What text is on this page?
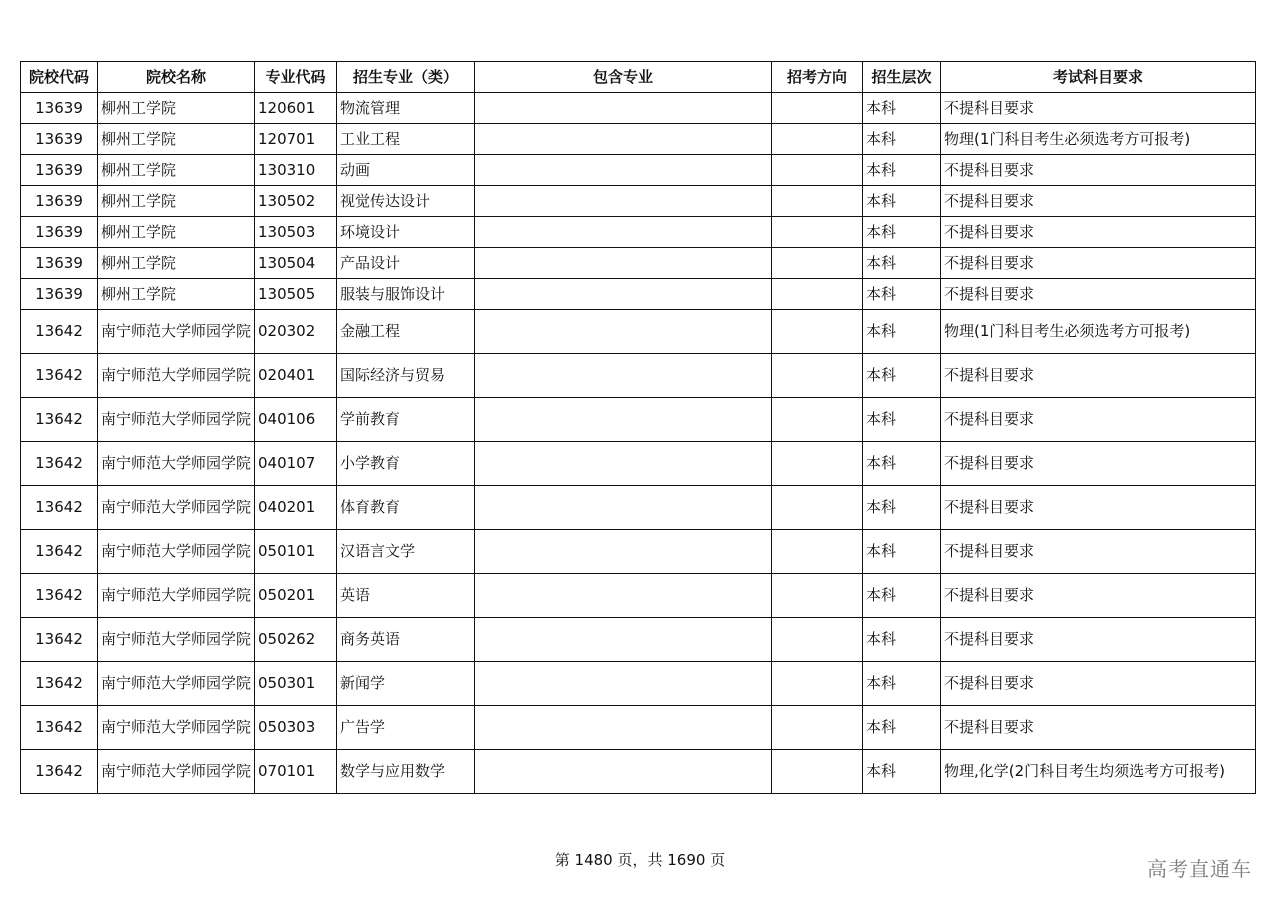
院校代码	院校名称	专业代码	招生专业（类）	包含专业	招考方向	招生层次	考试科目要求
13639	柳州工学院	120601	物流管理			本科	不提科目要求
13639	柳州工学院	120701	工业工程			本科	物理(1门科目考生必须选考方可报考)
13639	柳州工学院	130310	动画			本科	不提科目要求
13639	柳州工学院	130502	视觉传达设计			本科	不提科目要求
13639	柳州工学院	130503	环境设计			本科	不提科目要求
13639	柳州工学院	130504	产品设计			本科	不提科目要求
13639	柳州工学院	130505	服装与服饰设计			本科	不提科目要求
13642	南宁师范大学师园学院	020302	金融工程			本科	物理(1门科目考生必须选考方可报考)
13642	南宁师范大学师园学院	020401	国际经济与贸易			本科	不提科目要求
13642	南宁师范大学师园学院	040106	学前教育			本科	不提科目要求
13642	南宁师范大学师园学院	040107	小学教育			本科	不提科目要求
13642	南宁师范大学师园学院	040201	体育教育			本科	不提科目要求
13642	南宁师范大学师园学院	050101	汉语言文学			本科	不提科目要求
13642	南宁师范大学师园学院	050201	英语			本科	不提科目要求
13642	南宁师范大学师园学院	050262	商务英语			本科	不提科目要求
13642	南宁师范大学师园学院	050301	新闻学			本科	不提科目要求
13642	南宁师范大学师园学院	050303	广告学			本科	不提科目要求
13642	南宁师范大学师园学院	070101	数学与应用数学			本科	物理,化学(2门科目考生均须选考方可报考)
第 1480 页，共 1690 页	高考直通车
